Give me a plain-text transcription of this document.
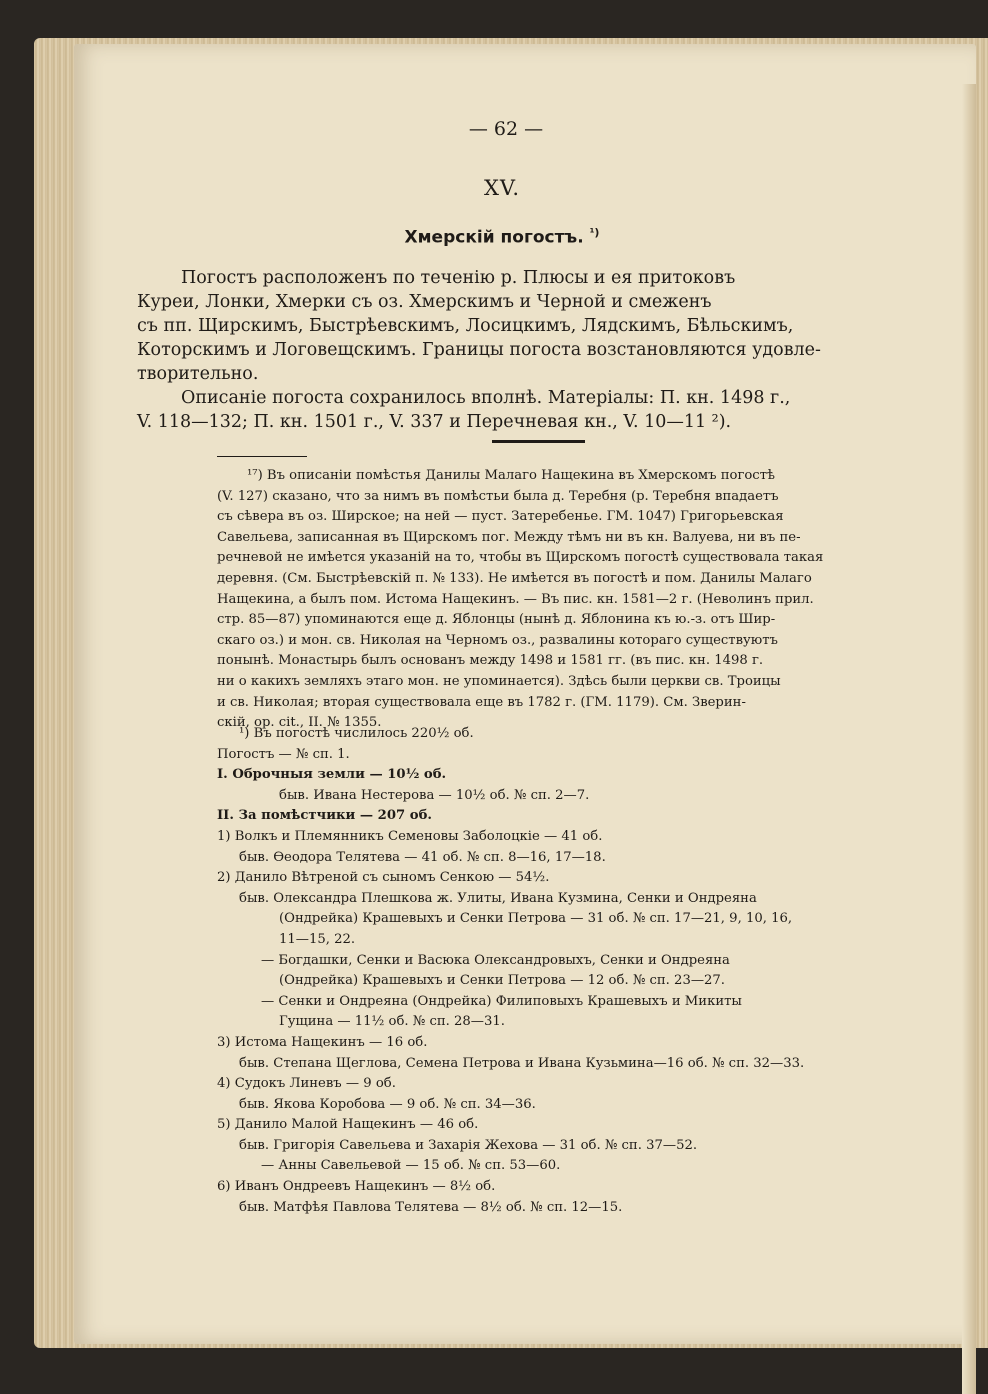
— 62 —
XV.
Хмерскій погостъ. $^{^1)}$
Погостъ расположенъ по теченію р. Плюсы и ея притоковъ
Куреи, Лонки, Хмерки съ оз. Хмерскимъ и Черной и смеженъ
съ пп. Щирскимъ, Быстрѣевскимъ, Лосицкимъ, Лядскимъ, Бѣльскимъ,
Которскимъ и Логовещскимъ. Границы погоста возстановляются удовле-
творительно.
Описаніе погоста сохранилось вполнѣ. Матеріалы: П. кн. 1498 г.,
V. 118—132; П. кн. 1501 г., V. 337 и Перечневая кн., V. 10—11 ²).
¹⁷) Въ описаніи помѣстья Данилы Малаго Нащекина въ Хмерскомъ погостѣ
(V. 127) сказано, что за нимъ въ помѣстьи была д. Теребня (р. Теребня впадаетъ
съ сѣвера въ оз. Ширское; на ней — пуст. Затеребенье. ГМ. 1047) Григорьевская
Савельева, записанная въ Щирскомъ пог. Между тѣмъ ни въ кн. Валуева, ни въ пе-
речневой не имѣется указаній на то, чтобы въ Щирскомъ погостѣ существовала такая
деревня. (См. Быстрѣевскій п. № 133). Не имѣется въ погостѣ и пом. Данилы Малаго
Нащекина, а былъ пом. Истома Нащекинъ. — Въ пис. кн. 1581—2 г. (Неволинъ прил.
стр. 85—87) упоминаются еще д. Яблонцы (нынѣ д. Яблонина къ ю.-з. отъ Шир-
скаго оз.) и мон. св. Николая на Черномъ оз., развалины котораго существуютъ
понынѣ. Монастырь былъ основанъ между 1498 и 1581 гг. (въ пис. кн. 1498 г.
ни о какихъ земляхъ этаго мон. не упоминается). Здѣсь были церкви св. Троицы
и св. Николая; вторая существовала еще въ 1782 г. (ГМ. 1179). См. Зверин-
скій, op. cit., II. № 1355.
¹) Въ погостѣ числилось 220½ об.
Погостъ — № сп. 1.
I. Оброчныя земли — 10½ об.
быв. Ивана Нестерова — 10½ об. № сп. 2—7.
II. За помѣстчики — 207 об.
1) Волкъ и Племянникъ Семеновы Заболоцкіе — 41 об.
быв. Ѳеодора Телятева — 41 об. № сп. 8—16, 17—18.
2) Данило Вѣтреной съ сыномъ Сенкою — 54½.
быв. Олександра Плешкова ж. Улиты, Ивана Кузмина, Сенки и Ондреяна
(Ондрейка) Крашевыхъ и Сенки Петрова — 31 об. № сп. 17—21, 9, 10, 16,
11—15, 22.
— Богдашки, Сенки и Васюка Олександровыхъ, Сенки и Ондреяна
(Ондрейка) Крашевыхъ и Сенки Петрова — 12 об. № сп. 23—27.
— Сенки и Ондреяна (Ондрейка) Филиповыхъ Крашевыхъ и Микиты
Гущина — 11½ об. № сп. 28—31.
3) Истома Нащекинъ — 16 об.
быв. Степана Щеглова, Семена Петрова и Ивана Кузьмина—16 об. № сп. 32—33.
4) Судокъ Линевъ — 9 об.
быв. Якова Коробова — 9 об. № сп. 34—36.
5) Данило Малой Нащекинъ — 46 об.
быв. Григорія Савельева и Захарія Жехова — 31 об. № сп. 37—52.
— Анны Савельевой — 15 об. № сп. 53—60.
6) Иванъ Ондреевъ Нащекинъ — 8½ об.
быв. Матфѣя Павлова Телятева — 8½ об. № сп. 12—15.
